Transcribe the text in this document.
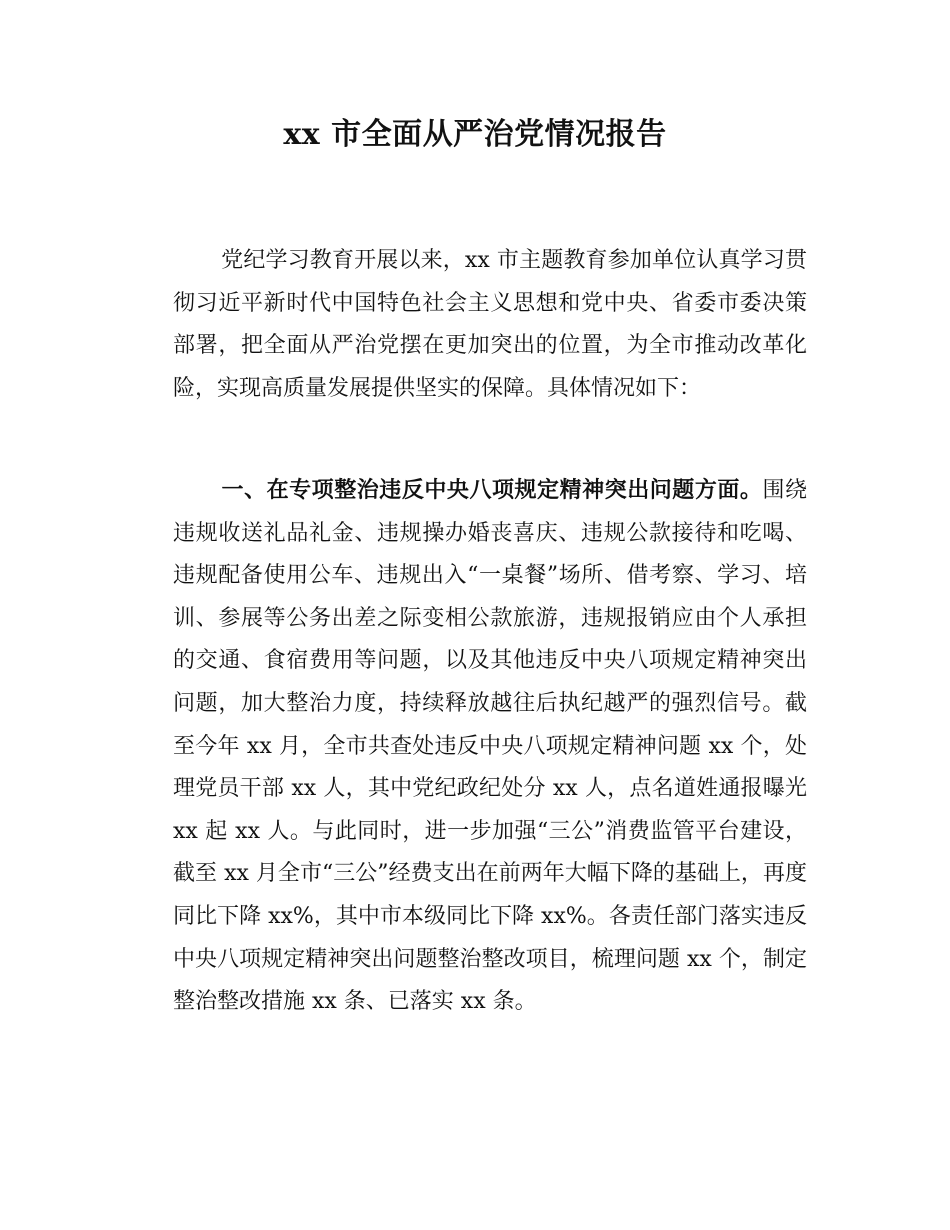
xx 市全面从严治党情况报告

党纪学习教育开展以来，xx 市主题教育参加单位认真学习贯彻习近平新时代中国特色社会主义思想和党中央、省委市委决策部署，把全面从严治党摆在更加突出的位置，为全市推动改革化险，实现高质量发展提供坚实的保障。具体情况如下：

一、在专项整治违反中央八项规定精神突出问题方面。围绕违规收送礼品礼金、违规操办婚丧喜庆、违规公款接待和吃喝、违规配备使用公车、违规出入“一桌餐”场所、借考察、学习、培训、参展等公务出差之际变相公款旅游，违规报销应由个人承担的交通、食宿费用等问题，以及其他违反中央八项规定精神突出问题，加大整治力度，持续释放越往后执纪越严的强烈信号。截至今年 xx 月，全市共查处违反中央八项规定精神问题 xx 个，处理党员干部 xx 人，其中党纪政纪处分 xx 人，点名道姓通报曝光 xx 起 xx 人。与此同时，进一步加强“三公”消费监管平台建设，截至 xx 月全市“三公”经费支出在前两年大幅下降的基础上，再度同比下降 xx%，其中市本级同比下降 xx%。各责任部门落实违反中央八项规定精神突出问题整治整改项目，梳理问题 xx 个，制定整治整改措施 xx 条、已落实 xx 条。
